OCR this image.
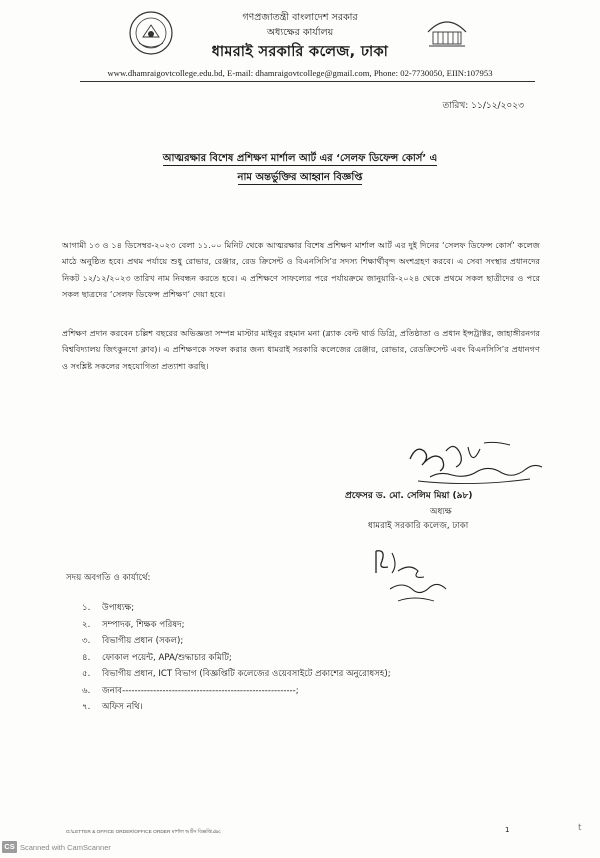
গণপ্রজাতন্ত্রী বাংলাদেশ সরকার
অধ্যক্ষের কার্যালয়
ধামরাই সরকারি কলেজ, ঢাকা
www.dhamraigovtcollege.edu.bd, E-mail: dhamraigovtcollege@gmail.com, Phone: 02-7730050, EIIN:107953
তারিখ: ১১/১২/২০২৩
আত্মরক্ষার বিশেষ প্রশিক্ষণ মার্শাল আর্ট এর ‘সেলফ ডিফেন্স কোর্স’ এ
নাম অন্তর্ভুক্তির আহ্বান বিজ্ঞপ্তি
আগামী ১৩ ও ১৪ ডিসেম্বর-২০২৩ বেলা ১১.০০ মিনিট থেকে আত্মরক্ষার বিশেষ প্রশিক্ষণ মার্শাল আর্ট এর দুই দিনের ‘সেলফ ডিফেন্স কোর্স’ কলেজ মাঠে অনুষ্ঠিত হবে। প্রথম পর্যায়ে শুধু রোভার, রেঞ্জার, রেড ক্রিসেন্ট ও বিএনসিসি’র সদস্য শিক্ষার্থীবৃন্দ অংশগ্রহণ করবে। এ সেবা সংস্থার প্রধানদের নিকট ১২/১২/২০২৩ তারিখ নাম নিবন্ধন করতে হবে। এ প্রশিক্ষণে সাফল্যের পরে পর্যায়ক্রমে জানুয়ারি-২০২৪ থেকে প্রথমে সকল ছাত্রীদের ও পরে সকল ছাত্রদের ‘সেলফ ডিফেন্স প্রশিক্ষণ’ দেয়া হবে।
প্রশিক্ষণ প্রদান করবেন চল্লিশ বছরের অভিজ্ঞতা সম্পন্ন মাস্টার মাইনুর রহমান মনা (ব্ল্যাক বেল্ট থার্ড ডিগ্রি, প্রতিষ্ঠাতা ও প্রধান ইন্সট্রাক্টর, জাহাঙ্গীরনগর বিশ্ববিদ্যালয় জিৎকুনদো ক্লাব)। এ প্রশিক্ষণকে সফল করার জন্য ধামরাই সরকারি কলেজের রেঞ্জার, রোভার, রেডক্রিসেন্ট এবং বিএনসিসি’র প্রধানগণ ও সংশ্লিষ্ট সকলের সহযোগিতা প্রত্যাশা করছি।
প্রফেসর ড. মো. সেলিম মিয়া (৯৮)
অধ্যক্ষ
ধামরাই সরকারি কলেজ, ঢাকা
সদয় অবগতি ও কার্যার্থে:
১. উপাধ্যক্ষ;
২. সম্পাদক, শিক্ষক পরিষদ;
৩. বিভাগীয় প্রধান (সকল);
৪. ফোকাল পয়েন্ট, APA/শুদ্ধাচার কমিটি;
৫. বিভাগীয় প্রধান, ICT বিভাগ (বিজ্ঞপ্তিটি কলেজের ওয়েবসাইটে প্রকাশের অনুরোধসহ);
৬. জনাব--------------------------------------------------------;
৭. অফিস নথি।
G:\LETTER & OFFICE ORDER\OFFICE ORDER মার্শাল আর্টস বিজ্ঞপ্তি.doc	1	t
CS Scanned with CamScanner
